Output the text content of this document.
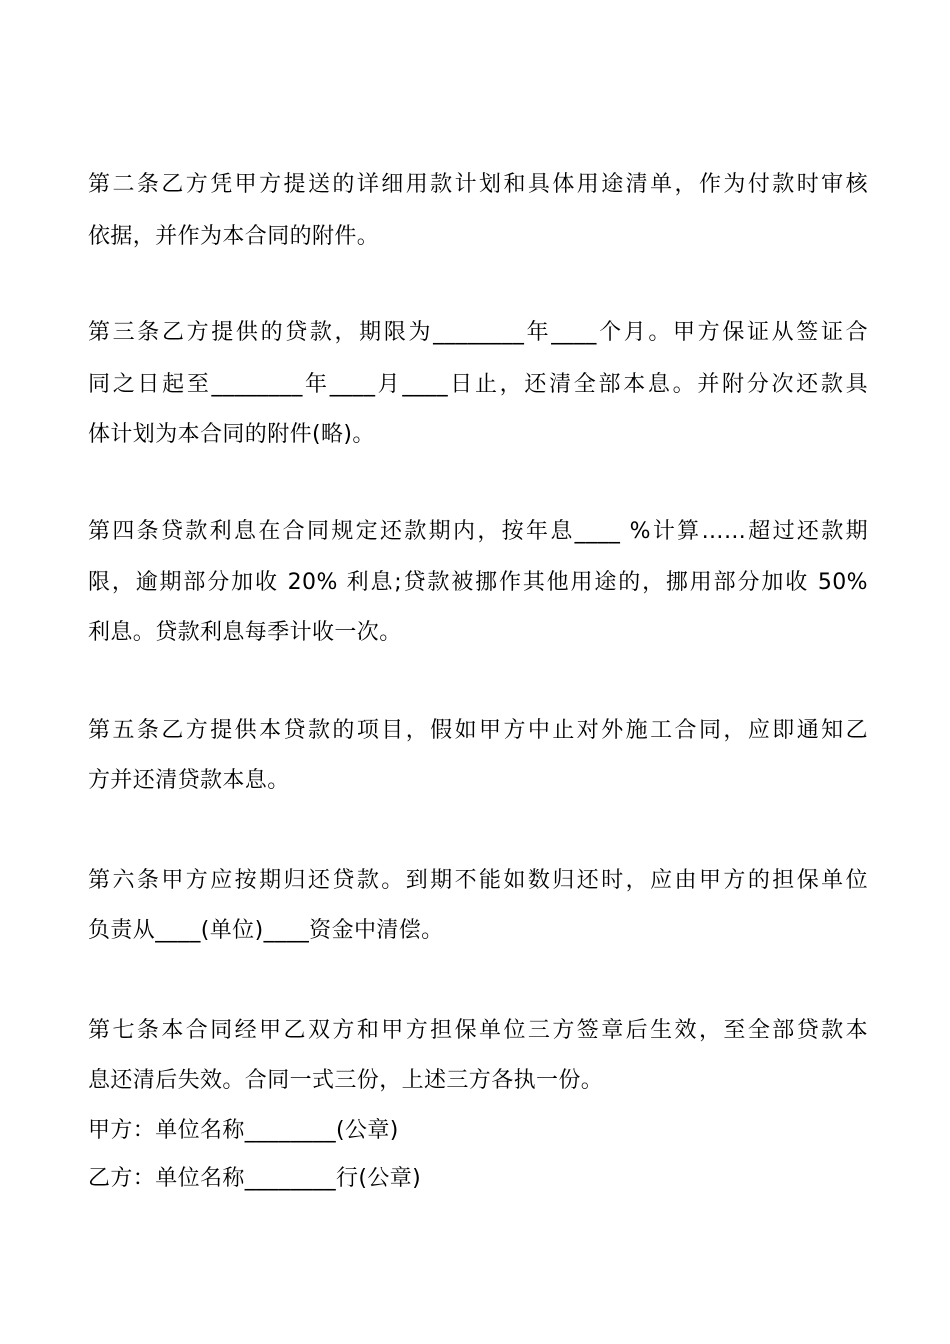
第二条乙方凭甲方提送的详细用款计划和具体用途清单，作为付款时审核
依据，并作为本合同的附件。
第三条乙方提供的贷款，期限为________年____个月。甲方保证从签证合
同之日起至________年____月____日止，还清全部本息。并附分次还款具
体计划为本合同的附件(略)。
第四条贷款利息在合同规定还款期内，按年息____ %计算……超过还款期
限，逾期部分加收 20% 利息;贷款被挪作其他用途的，挪用部分加收 50%
利息。贷款利息每季计收一次。
第五条乙方提供本贷款的项目，假如甲方中止对外施工合同，应即通知乙
方并还清贷款本息。
第六条甲方应按期归还贷款。到期不能如数归还时，应由甲方的担保单位
负责从____(单位)____资金中清偿。
第七条本合同经甲乙双方和甲方担保单位三方签章后生效，至全部贷款本
息还清后失效。合同一式三份，上述三方各执一份。
甲方：单位名称________(公章)
乙方：单位名称________行(公章)
